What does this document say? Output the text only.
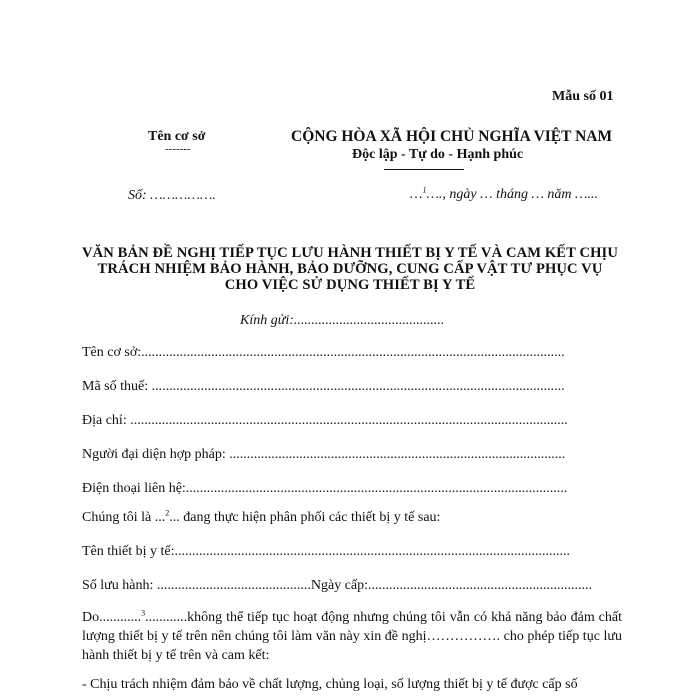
Mẫu số 01
Tên cơ sở
-------
CỘNG HÒA XÃ HỘI CHỦ NGHĨA VIỆT NAM
Độc lập - Tự do - Hạnh phúc
Số: …………….	…$^1$…., ngày … tháng … năm …...
VĂN BẢN ĐỀ NGHỊ TIẾP TỤC LƯU HÀNH THIẾT BỊ Y TẾ VÀ CAM KẾT CHỊU TRÁCH NHIỆM BẢO HÀNH, BẢO DƯỠNG, CUNG CẤP VẬT TƯ PHỤC VỤ CHO VIỆC SỬ DỤNG THIẾT BỊ Y TẾ
Kính gửi:...........................................
Tên cơ sở:.........................................................................................................................
Mã số thuế: ......................................................................................................................
Địa chỉ: .............................................................................................................................
Người đại diện hợp pháp: ................................................................................................
Điện thoại liên hệ:.............................................................................................................
Chúng tôi là ...$^2$... đang thực hiện phân phối các thiết bị y tế sau:
Tên thiết bị y tế:.................................................................................................................
Số lưu hành: ............................................Ngày cấp:................................................................
Do............$^3$............không thể tiếp tục hoạt động nhưng chúng tôi vẫn có khả năng bảo đảm chất lượng thiết bị y tế trên nên chúng tôi làm văn này xin đề nghị……………. cho phép tiếp tục lưu hành thiết bị y tế trên và cam kết:
- Chịu trách nhiệm đảm bảo về chất lượng, chủng loại, số lượng thiết bị y tế được cấp số
